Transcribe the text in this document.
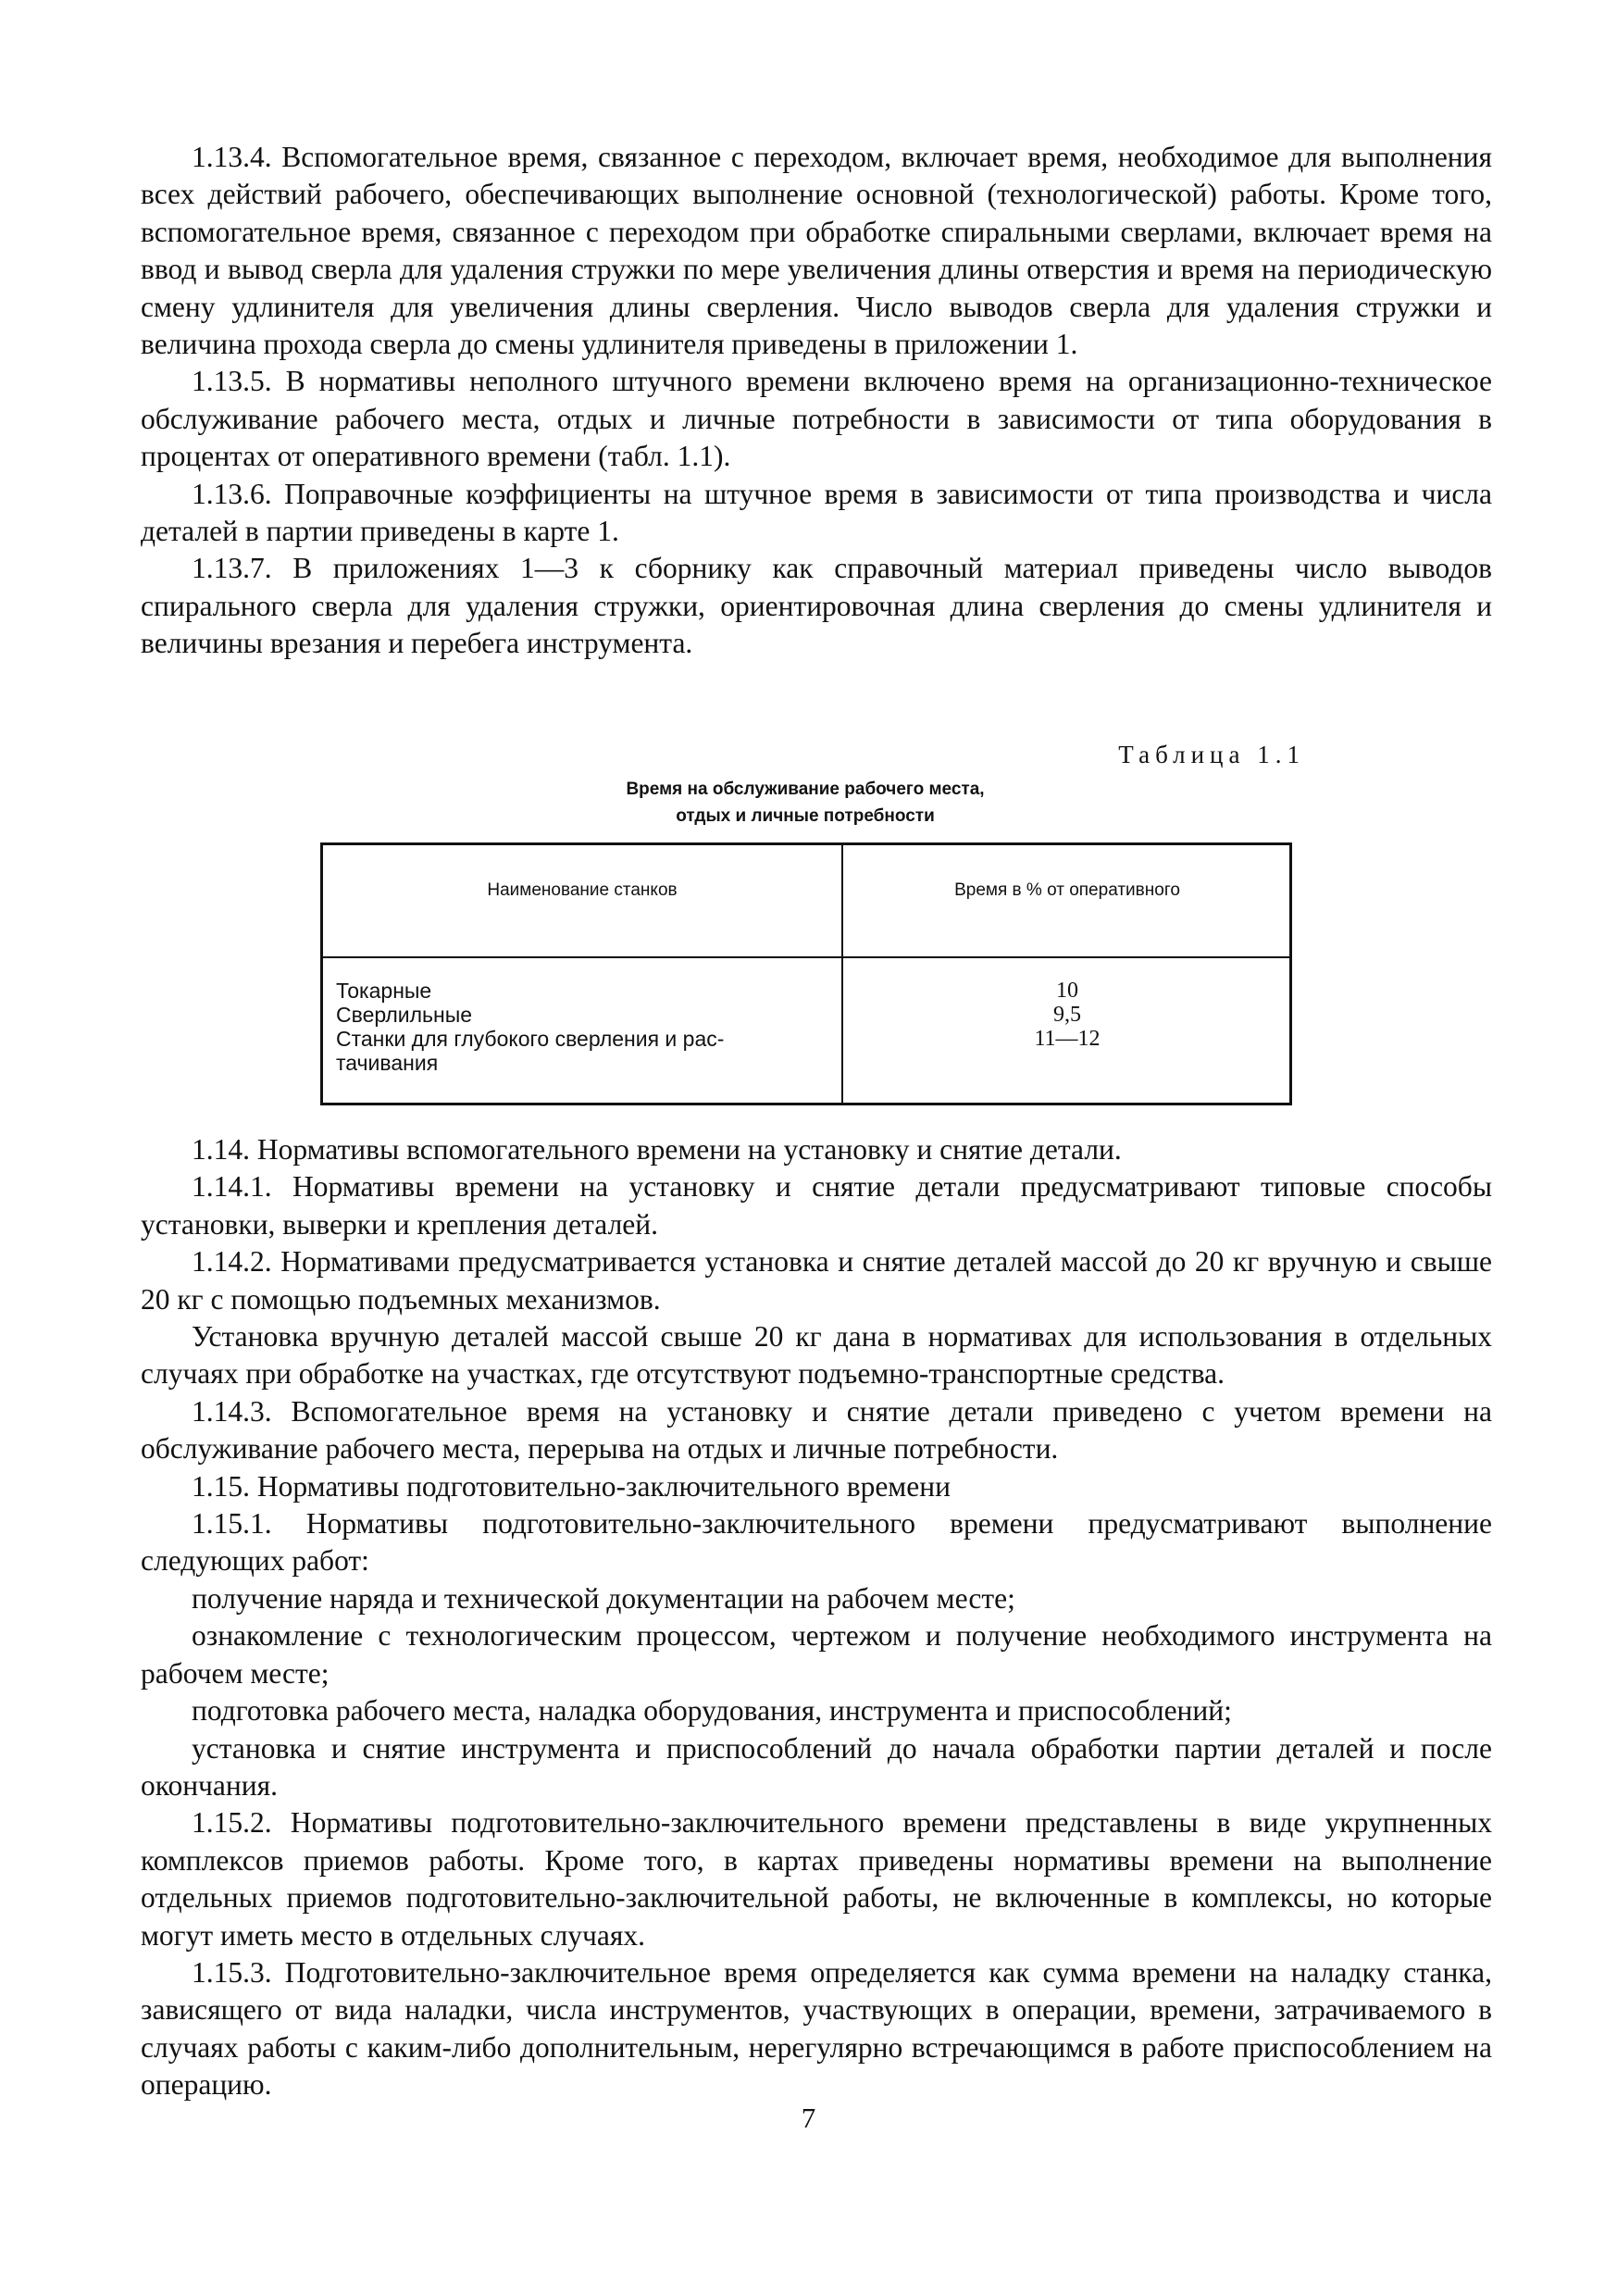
1.13.4. Вспомогательное время, связанное с переходом, включает время, необходимое для выполнения всех действий рабочего, обеспечивающих выполнение основной (технологической) работы. Кроме того, вспомогательное время, связанное с переходом при обработке спиральными сверлами, включает время на ввод и вывод сверла для удаления стружки по мере увеличения длины отверстия и время на периодическую смену удлинителя для увеличения длины сверления. Число выводов сверла для удаления стружки и величина прохода сверла до смены удлинителя приведены в приложении 1.

1.13.5. В нормативы неполного штучного времени включено время на организационно-техническое обслуживание рабочего места, отдых и личные потребности в зависимости от типа оборудования в процентах от оперативного времени (табл. 1.1).

1.13.6. Поправочные коэффициенты на штучное время в зависимости от типа производства и числа деталей в партии приведены в карте 1.

1.13.7. В приложениях 1—3 к сборнику как справочный материал приведены число выводов спирального сверла для удаления стружки, ориентировочная длина сверления до смены удлинителя и величины врезания и перебега инструмента.

Таблица 1.1
Время на обслуживание рабочего места,
отдых и личные потребности
Наименование станков	Время в % от оперативного
Токарные
Сверлильные
Станки для глубокого сверления и рас-
тачивания
10
9,5
11—12

1.14. Нормативы вспомогательного времени на установку и снятие детали.

1.14.1. Нормативы времени на установку и снятие детали предусматривают типовые способы установки, выверки и крепления деталей.

1.14.2. Нормативами предусматривается установка и снятие деталей массой до 20 кг вручную и свыше 20 кг с помощью подъемных механизмов.

Установка вручную деталей массой свыше 20 кг дана в нормативах для использования в отдельных случаях при обработке на участках, где отсутствуют подъемно-транспортные средства.

1.14.3. Вспомогательное время на установку и снятие детали приведено с учетом времени на обслуживание рабочего места, перерыва на отдых и личные потребности.

1.15. Нормативы подготовительно-заключительного времени

1.15.1. Нормативы подготовительно-заключительного времени предусматривают выполнение следующих работ:

получение наряда и технической документации на рабочем месте;

ознакомление с технологическим процессом, чертежом и получение необходимого инструмента на рабочем месте;

подготовка рабочего места, наладка оборудования, инструмента и приспособлений;

установка и снятие инструмента и приспособлений до начала обработки партии деталей и после окончания.

1.15.2. Нормативы подготовительно-заключительного времени представлены в виде укрупненных комплексов приемов работы. Кроме того, в картах приведены нормативы времени на выполнение отдельных приемов подготовительно-заключительной работы, не включенные в комплексы, но которые могут иметь место в отдельных случаях.

1.15.3. Подготовительно-заключительное время определяется как сумма времени на наладку станка, зависящего от вида наладки, числа инструментов, участвующих в операции, времени, затрачиваемого в случаях работы с каким-либо дополнительным, нерегулярно встречающимся в работе приспособлением на операцию.

7
